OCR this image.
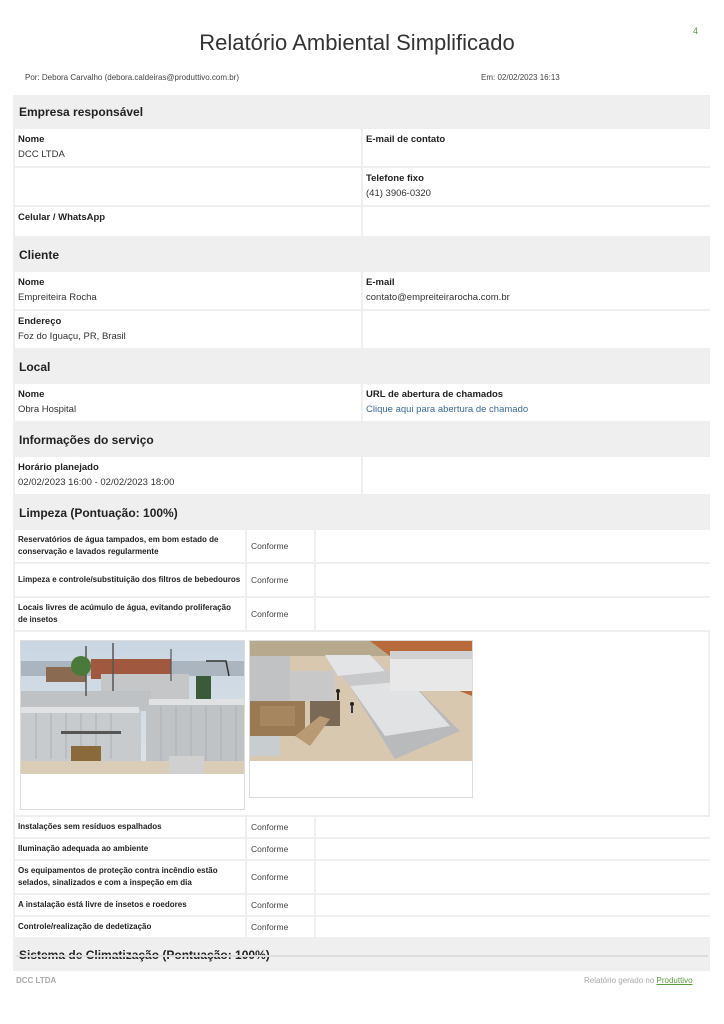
4
Relatório Ambiental Simplificado
Por: Debora Carvalho (debora.caldeiras@produttivo.com.br)	Em: 02/02/2023 16:13
Empresa responsável
Nome
DCC LTDA
E-mail de contato
Telefone fixo
(41) 3906-0320
Celular / WhatsApp
Cliente
Nome
Empreiteira Rocha
E-mail
contato@empreiteirarocha.com.br
Endereço
Foz do Iguaçu, PR, Brasil
Local
Nome
Obra Hospital
URL de abertura de chamados
Clique aqui para abertura de chamado
Informações do serviço
Horário planejado
02/02/2023 16:00 - 02/02/2023 18:00
Limpeza (Pontuação: 100%)
Reservatórios de água tampados, em bom estado de conservação e lavados regularmente
Conforme
Limpeza e controle/substituição dos filtros de bebedouros	Conforme
Locais livres de acúmulo de água, evitando proliferação de insetos
Conforme
Instalações sem resíduos espalhados	Conforme
Iluminação adequada ao ambiente	Conforme
Os equipamentos de proteção contra incêndio estão selados, sinalizados e com a inspeção em dia
Conforme
A instalação está livre de insetos e roedores	Conforme
Controle/realização de dedetização	Conforme
DCC LTDA	Relatório gerado no Produttivo
